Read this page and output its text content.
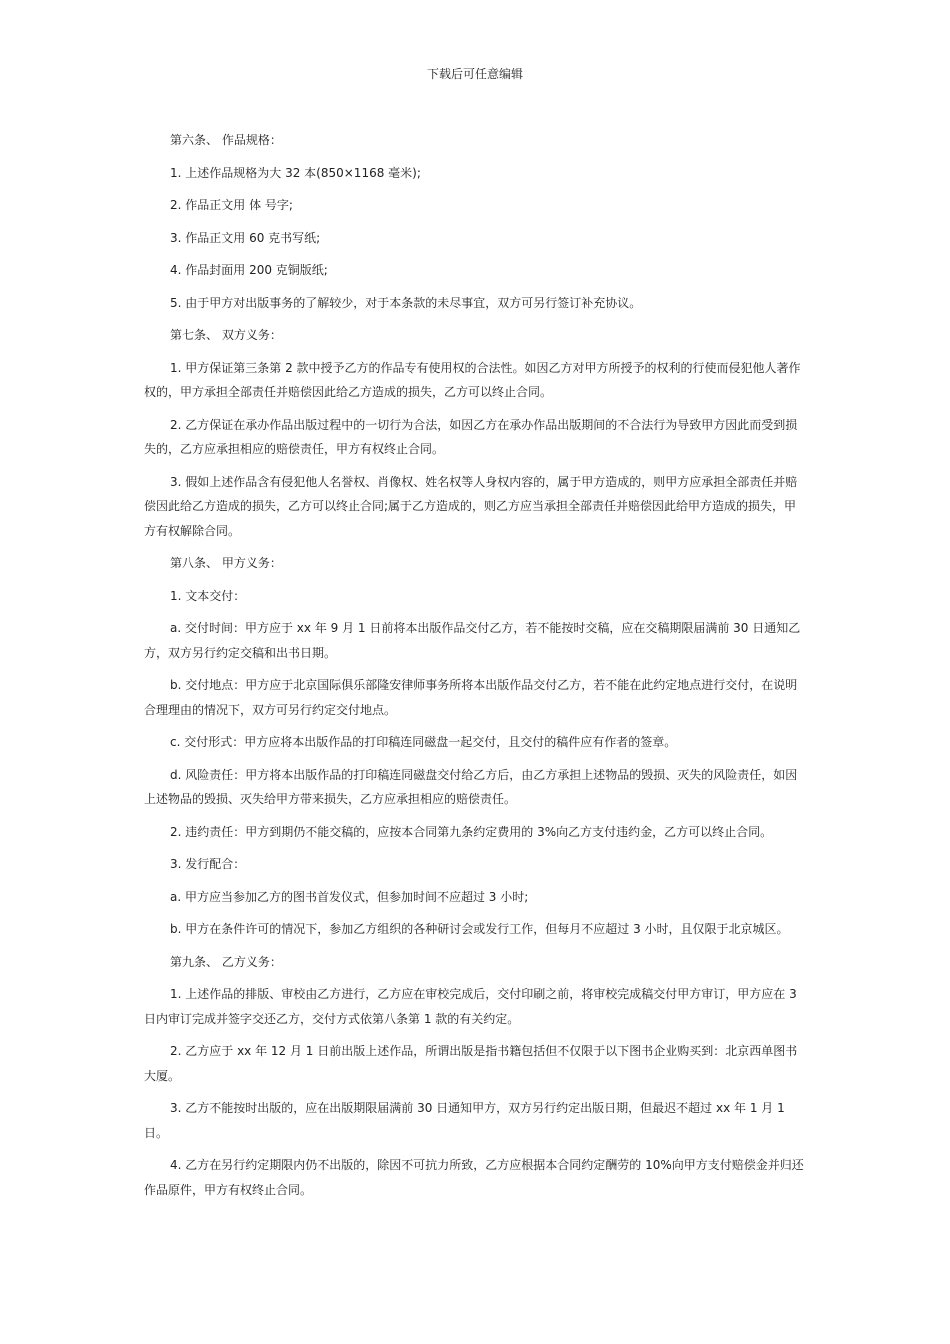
下载后可任意编辑

第六条、 作品规格：

1. 上述作品规格为大 32 本(850×1168 毫米);

2. 作品正文用 体 号字;

3. 作品正文用 60 克书写纸;

4. 作品封面用 200 克铜版纸;

5. 由于甲方对出版事务的了解较少，对于本条款的未尽事宜，双方可另行签订补充协议。

第七条、 双方义务：

1. 甲方保证第三条第 2 款中授予乙方的作品专有使用权的合法性。如因乙方对甲方所授予的权利的行使而侵犯他人著作权的，甲方承担全部责任并赔偿因此给乙方造成的损失，乙方可以终止合同。

2. 乙方保证在承办作品出版过程中的一切行为合法，如因乙方在承办作品出版期间的不合法行为导致甲方因此而受到损失的，乙方应承担相应的赔偿责任，甲方有权终止合同。

3. 假如上述作品含有侵犯他人名誉权、肖像权、姓名权等人身权内容的，属于甲方造成的，则甲方应承担全部责任并赔偿因此给乙方造成的损失，乙方可以终止合同;属于乙方造成的，则乙方应当承担全部责任并赔偿因此给甲方造成的损失，甲方有权解除合同。

第八条、 甲方义务：

1. 文本交付：

a. 交付时间：甲方应于 xx 年 9 月 1 日前将本出版作品交付乙方，若不能按时交稿，应在交稿期限届满前 30 日通知乙方，双方另行约定交稿和出书日期。

b. 交付地点：甲方应于北京国际俱乐部隆安律师事务所将本出版作品交付乙方，若不能在此约定地点进行交付，在说明合理理由的情况下，双方可另行约定交付地点。

c. 交付形式：甲方应将本出版作品的打印稿连同磁盘一起交付，且交付的稿件应有作者的签章。

d. 风险责任：甲方将本出版作品的打印稿连同磁盘交付给乙方后，由乙方承担上述物品的毁损、灭失的风险责任，如因上述物品的毁损、灭失给甲方带来损失，乙方应承担相应的赔偿责任。

2. 违约责任：甲方到期仍不能交稿的，应按本合同第九条约定费用的 3%向乙方支付违约金，乙方可以终止合同。

3. 发行配合：

a. 甲方应当参加乙方的图书首发仪式，但参加时间不应超过 3 小时;

b. 甲方在条件许可的情况下，参加乙方组织的各种研讨会或发行工作，但每月不应超过 3 小时，且仅限于北京城区。

第九条、 乙方义务：

1. 上述作品的排版、审校由乙方进行，乙方应在审校完成后，交付印刷之前，将审校完成稿交付甲方审订，甲方应在 3 日内审订完成并签字交还乙方，交付方式依第八条第 1 款的有关约定。

2. 乙方应于 xx 年 12 月 1 日前出版上述作品，所谓出版是指书籍包括但不仅限于以下图书企业购买到：北京西单图书大厦。

3. 乙方不能按时出版的，应在出版期限届满前 30 日通知甲方，双方另行约定出版日期，但最迟不超过 xx 年 1 月 1 日。

4. 乙方在另行约定期限内仍不出版的，除因不可抗力所致，乙方应根据本合同约定酬劳的 10%向甲方支付赔偿金并归还作品原件，甲方有权终止合同。
